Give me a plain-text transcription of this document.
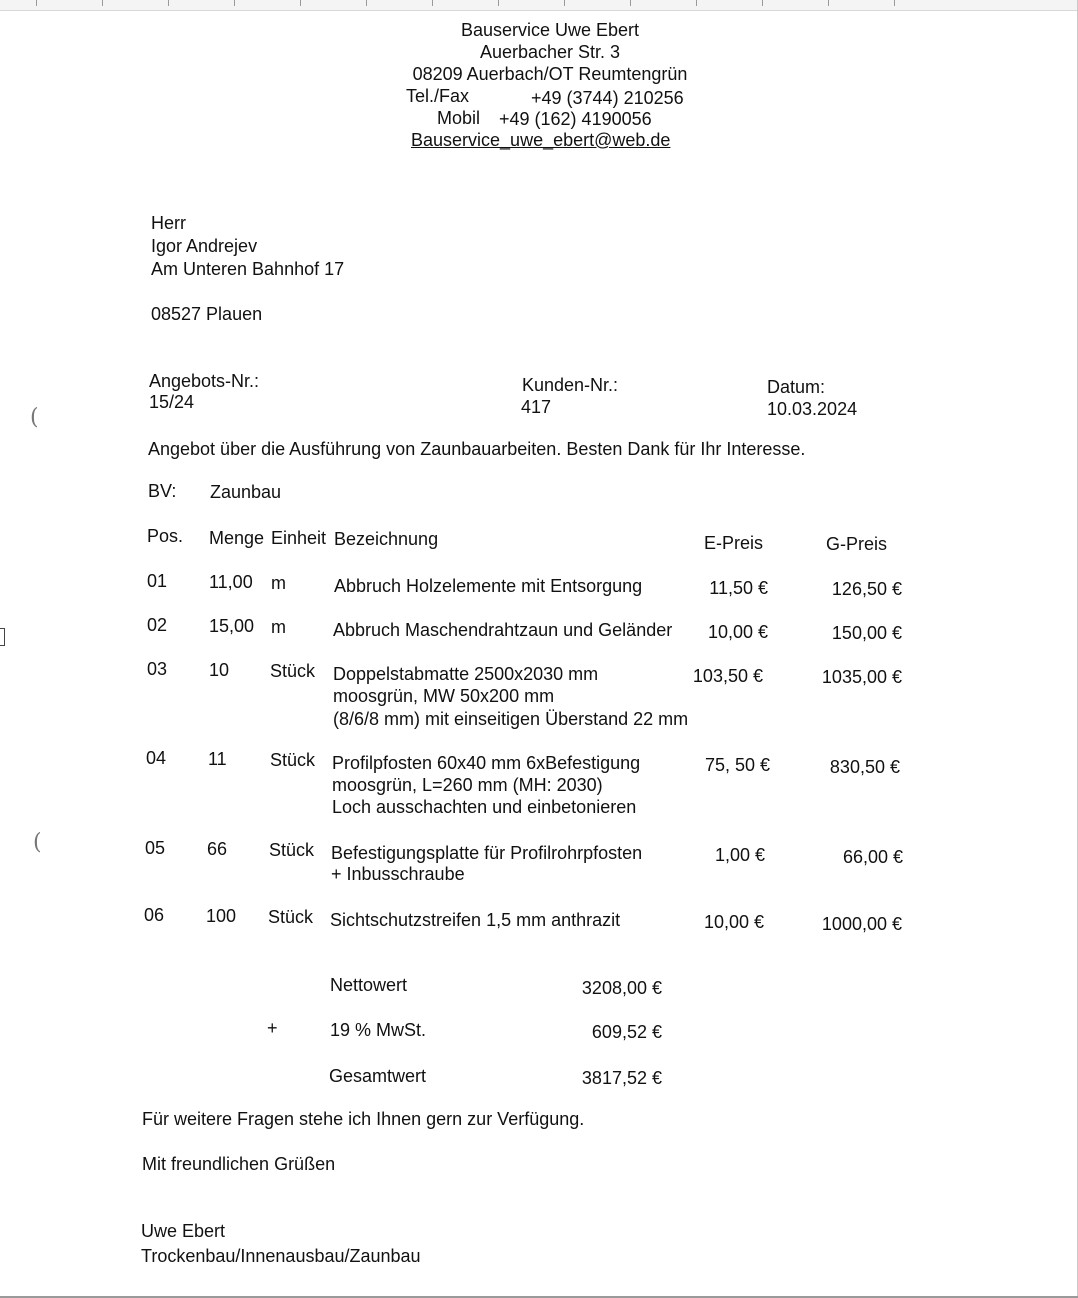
(
(
Bauservice Uwe Ebert
Auerbacher Str. 3
08209 Auerbach/OT Reumtengrün
Tel./Fax	+49 (3744) 210256
Mobil +49 (162) 4190056
Bauservice_uwe_ebert@web.de
Herr
Igor Andrejev
Am Unteren Bahnhof 17
08527 Plauen
Angebots-Nr.:
15/24
Kunden-Nr.:
417
Datum:
10.03.2024
Angebot über die Ausführung von Zaunbauarbeiten. Besten Dank für Ihr Interesse.
BV: Zaunbau
Pos. Menge Einheit Bezeichnung	E-Preis	G-Preis
01 11,00 m	Abbruch Holzelemente mit Entsorgung	11,50 €	126,50 €
02 15,00 m	Abbruch Maschendrahtzaun und Geländer	10,00 €	150,00 €
03 10 Stück Doppelstabmatte 2500x2030 mm
moosgrün, MW 50x200 mm
(8/6/8 mm) mit einseitigen Überstand 22 mm
103,50 €	1035,00 €
04 11 Stück Profilpfosten 60x40 mm 6xBefestigung
moosgrün, L=260 mm (MH: 2030)
Loch ausschachten und einbetonieren
75, 50 €	830,50 €
05 66 Stück Befestigungsplatte für Profilrohrpfosten
+ Inbusschraube
1,00 €	66,00 €
06 100 Stück Sichtschutzstreifen 1,5 mm anthrazit	10,00 €	1000,00 €
Nettowert	3208,00 €
+	19 % MwSt.	609,52 €
Gesamtwert	3817,52 €
Für weitere Fragen stehe ich Ihnen gern zur Verfügung.
Mit freundlichen Grüßen
Uwe Ebert
Trockenbau/Innenausbau/Zaunbau
